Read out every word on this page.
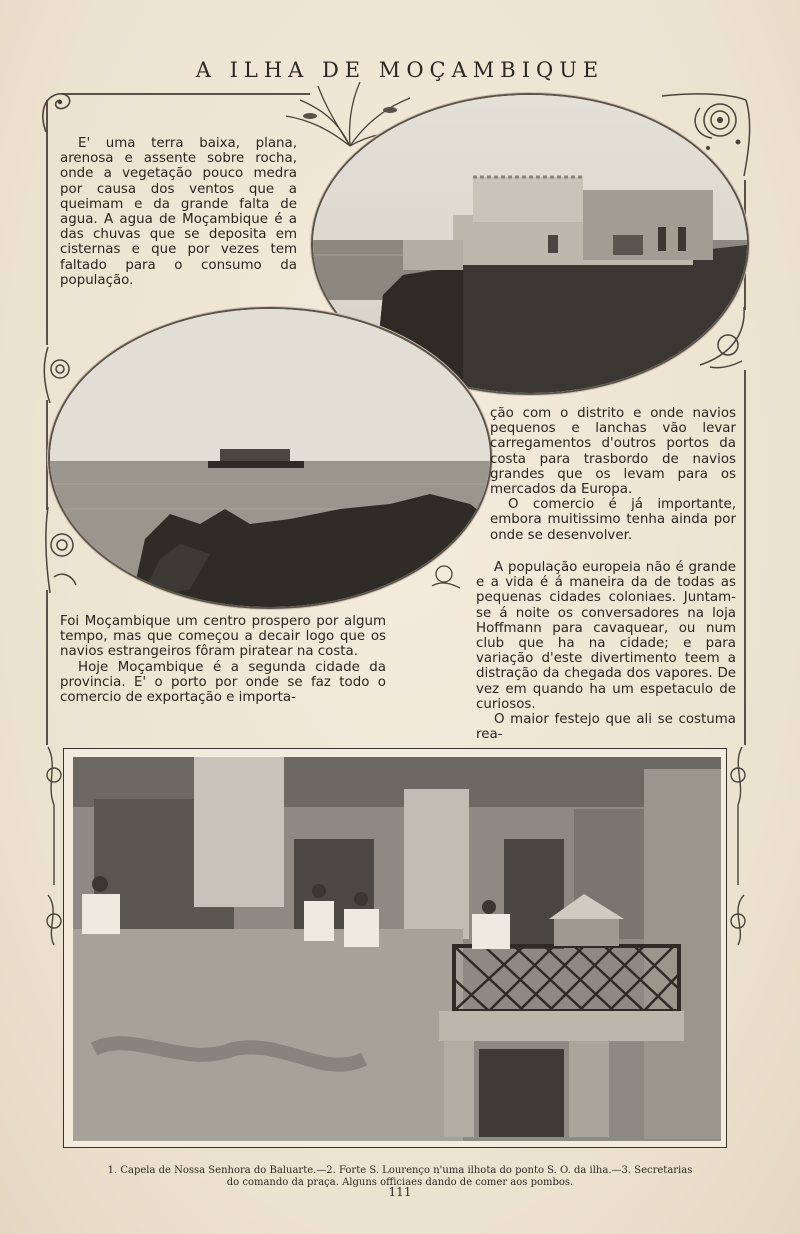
A ILHA DE MOÇAMBIQUE

E' uma terra baixa, plana, arenosa e assente sobre rocha, onde a vegetação pouco medra por causa dos ventos que a queimam e da grande falta de agua. A agua de Moçambique é a das chuvas que se deposita em cisternas e que por vezes tem faltado para o consumo da população.

ção com o distrito e onde navios pequenos e lanchas vão levar carregamentos d'outros portos da costa para trasbordo de navios grandes que os levam para os mercados da Europa.

O comercio é já importante, embora muitissimo tenha ainda por onde se desenvolver.

Foi Moçambique um centro prospero por algum tempo, mas que começou a decair logo que os navios estrangeiros fôram piratear na costa.

Hoje Moçambique é a segunda cidade da provincia. E' o porto por onde se faz todo o comercio de exportação e importa-

A população europeia não é grande e a vida é á maneira da de todas as pequenas cidades coloniaes. Juntam-se á noite os conversadores na loja Hoffmann para cavaquear, ou num club que ha na cidade; e para variação d'este divertimento teem a distração da chegada dos vapores. De vez em quando ha um espetaculo de curiosos.

O maior festejo que ali se costuma rea-

1. Capela de Nossa Senhora do Baluarte.—2. Forte S. Lourenço n'uma ilhota do ponto S. O. da ilha.—3. Secretarias
do comando da praça. Alguns officiaes dando de comer aos pombos.
111
